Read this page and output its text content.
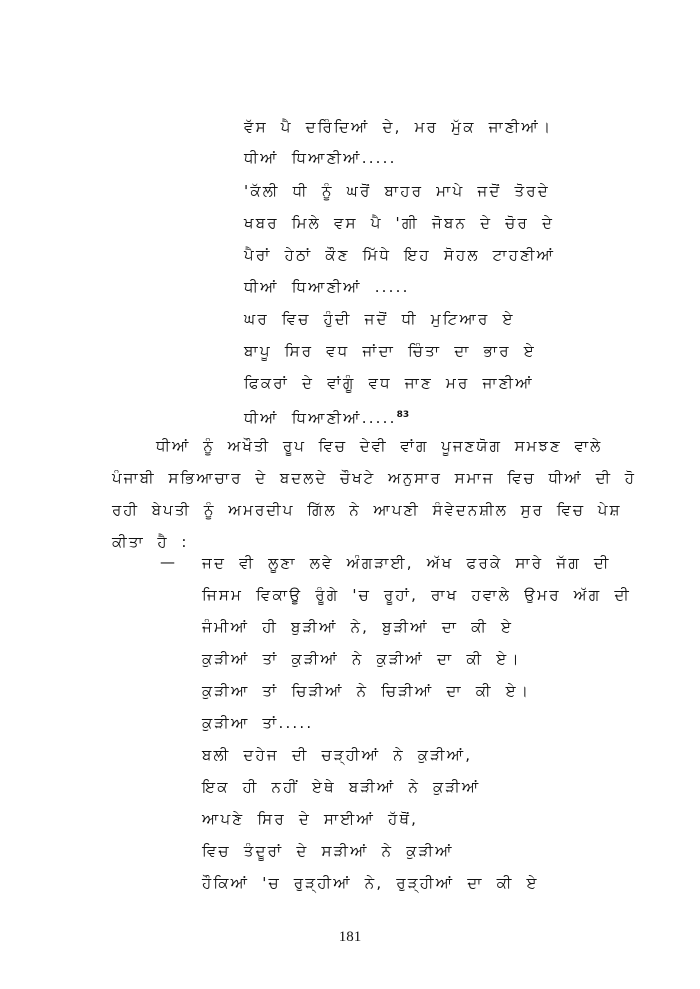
ਵੱਸ ਪੈ ਦਰਿੰਦਿਆਂ ਦੇ, ਮਰ ਮੁੱਕ ਜਾਣੀਆਂ।
ਧੀਆਂ ਧਿਆਣੀਆਂ.....
'ਕੱਲੀ ਧੀ ਨੂੰ ਘਰੋਂ ਬਾਹਰ ਮਾਪੇ ਜਦੋਂ ਤੋਰਦੇ
ਖਬਰ ਮਿਲੇ ਵਸ ਪੈ 'ਗੀ ਜੋਬਨ ਦੇ ਚੋਰ ਦੇ
ਪੈਰਾਂ ਹੇਠਾਂ ਕੌਣ ਮਿੱਧੇ ਇਹ ਸੋਹਲ ਟਾਹਣੀਆਂ
ਧੀਆਂ ਧਿਆਣੀਆਂ .....
ਘਰ ਵਿਚ ਹੁੰਦੀ ਜਦੋਂ ਧੀ ਮੁਟਿਆਰ ਏ
ਬਾਪੂ ਸਿਰ ਵਧ ਜਾਂਦਾ ਚਿੰਤਾ ਦਾ ਭਾਰ ਏ
ਫਿਕਰਾਂ ਦੇ ਵਾਂਗੂੰ ਵਧ ਜਾਣ ਮਰ ਜਾਣੀਆਂ
ਧੀਆਂ ਧਿਆਣੀਆਂ.....$^{83}$
ਧੀਆਂ ਨੂੰ ਅਖੌਤੀ ਰੂਪ ਵਿਚ ਦੇਵੀ ਵਾਂਗ ਪੂਜਣਯੋਗ ਸਮਝਣ ਵਾਲੇ
ਪੰਜਾਬੀ ਸਭਿਆਚਾਰ ਦੇ ਬਦਲਦੇ ਚੌਖਟੇ ਅਨੁਸਾਰ ਸਮਾਜ ਵਿਚ ਧੀਆਂ ਦੀ ਹੋ
ਰਹੀ ਬੇਪਤੀ ਨੂੰ ਅਮਰਦੀਪ ਗਿੱਲ ਨੇ ਆਪਣੀ ਸੰਵੇਦਨਸ਼ੀਲ ਸੁਰ ਵਿਚ ਪੇਸ਼
ਕੀਤਾ ਹੈ :
— ਜਦ ਵੀ ਲੂਣਾ ਲਵੇ ਅੰਗੜਾਈ, ਅੱਖ ਫਰਕੇ ਸਾਰੇ ਜੱਗ ਦੀ
ਜਿਸਮ ਵਿਕਾਊ ਰੂੰਗੇ 'ਚ ਰੂਹਾਂ, ਰਾਖ ਹਵਾਲੇ ਉਮਰ ਅੱਗ ਦੀ
ਜੰਮੀਆਂ ਹੀ ਬੁੜੀਆਂ ਨੇ, ਬੁੜੀਆਂ ਦਾ ਕੀ ਏ
ਕੁੜੀਆਂ ਤਾਂ ਕੁੜੀਆਂ ਨੇ ਕੁੜੀਆਂ ਦਾ ਕੀ ਏ।
ਕੁੜੀਆ ਤਾਂ ਚਿੜੀਆਂ ਨੇ ਚਿੜੀਆਂ ਦਾ ਕੀ ਏ।
ਕੁੜੀਆ ਤਾਂ.....
ਬਲੀ ਦਹੇਜ ਦੀ ਚੜ੍ਹੀਆਂ ਨੇ ਕੁੜੀਆਂ,
ਇਕ ਹੀ ਨਹੀਂ ਏਥੇ ਬੜੀਆਂ ਨੇ ਕੁੜੀਆਂ
ਆਪਣੇ ਸਿਰ ਦੇ ਸਾਈਆਂ ਹੱਥੋਂ,
ਵਿਚ ਤੰਦੂਰਾਂ ਦੇ ਸੜੀਆਂ ਨੇ ਕੁੜੀਆਂ
ਹੌਕਿਆਂ 'ਚ ਰੁੜ੍ਹੀਆਂ ਨੇ, ਰੁੜ੍ਹੀਆਂ ਦਾ ਕੀ ਏ
181
